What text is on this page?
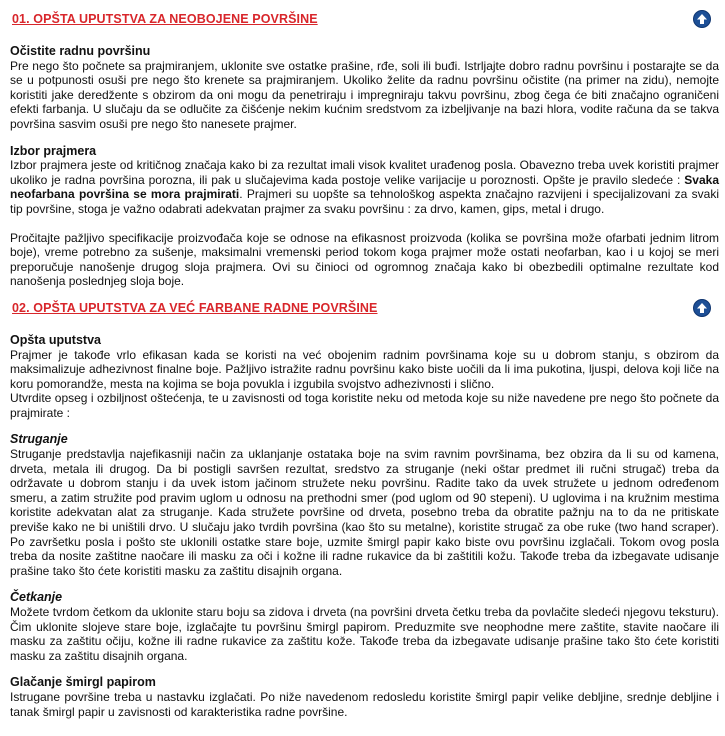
01. OPŠTA UPUTSTVA ZA NEOBOJENE POVRŠINE
Očistite radnu površinu

Pre nego što počnete sa prajmiranjem, uklonite sve ostatke prašine, rđe, soli ili buđi. Istrljajte dobro radnu površinu i postarajte se da se u potpunosti osuši pre nego što krenete sa prajmiranjem. Ukoliko želite da radnu površinu očistite (na primer na zidu), nemojte koristiti jake deredžente s obzirom da oni mogu da penetriraju i impregniraju takvu površinu, zbog čega će biti značajno ograničeni efekti farbanja. U slučaju da se odlučite za čišćenje nekim kućnim sredstvom za izbeljivanje na bazi hlora, vodite računa da se takva površina sasvim osuši pre nego što nanesete prajmer.

Izbor prajmera

Izbor prajmera jeste od kritičnog značaja kako bi za rezultat imali visok kvalitet urađenog posla. Obavezno treba uvek koristiti prajmer ukoliko je radna površina porozna, ili pak u slučajevima kada postoje velike varijacije u poroznosti. Opšte je pravilo sledeće : Svaka neofarbana površina se mora prajmirati. Prajmeri su uopšte sa tehnološkog aspekta značajno razvijeni i specijalizovani za svaki tip površine, stoga je važno odabrati adekvatan prajmer za svaku površinu : za drvo, kamen, gips, metal i drugo.

Pročitajte pažljivo specifikacije proizvođača koje se odnose na efikasnost proizvoda (kolika se površina može ofarbati jednim litrom boje), vreme potrebno za sušenje, maksimalni vremenski period tokom koga prajmer može ostati neofarban, kao i u kojoj se meri preporučuje nanošenje drugog sloja prajmera. Ovi su činioci od ogromnog značaja kako bi obezbedili optimalne rezultate kod nanošenja poslednjeg sloja boje.

02. OPŠTA UPUTSTVA ZA VEĆ FARBANE RADNE POVRŠINE
Opšta uputstva

Prajmer je takođe vrlo efikasan kada se koristi na već obojenim radnim površinama koje su u dobrom stanju, s obzirom da maksimalizuje adhezivnost finalne boje. Pažljivo istražite radnu površinu kako biste uočili da li ima pukotina, ljuspi, delova koji liče na koru pomorandže, mesta na kojima se boja povukla i izgubila svojstvo adhezivnosti i slično.

Utvrdite opseg i ozbiljnost oštećenja, te u zavisnosti od toga koristite neku od metoda koje su niže navedene pre nego što počnete da prajmirate :

Struganje

Struganje predstavlja najefikasniji način za uklanjanje ostataka boje na svim ravnim površinama, bez obzira da li su od kamena, drveta, metala ili drugog. Da bi postigli savršen rezultat, sredstvo za struganje (neki oštar predmet ili ručni strugač) treba da održavate u dobrom stanju i da uvek istom jačinom stružete neku površinu. Radite tako da uvek stružete u jednom određenom smeru, a zatim stružite pod pravim uglom u odnosu na prethodni smer (pod uglom od 90 stepeni). U uglovima i na kružnim mestima koristite adekvatan alat za struganje. Kada stružete površine od drveta, posebno treba da obratite pažnju na to da ne pritiskate previše kako ne bi uništili drvo. U slučaju jako tvrdih površina (kao što su metalne), koristite strugač za obe ruke (two hand scraper). Po završetku posla i pošto ste uklonili ostatke stare boje, uzmite šmirgl papir kako biste ovu površinu izglačali. Tokom ovog posla treba da nosite zaštitne naočare ili masku za oči i kožne ili radne rukavice da bi zaštitili kožu. Takođe treba da izbegavate udisanje prašine tako što ćete koristiti masku za zaštitu disajnih organa.

Četkanje

Možete tvrdom četkom da uklonite staru boju sa zidova i drveta (na površini drveta četku treba da povlačite sledeći njegovu teksturu). Čim uklonite slojeve stare boje, izglačajte tu površinu šmirgl papirom. Preduzmite sve neophodne mere zaštite, stavite naočare ili masku za zaštitu očiju, kožne ili radne rukavice za zaštitu kože. Takođe treba da izbegavate udisanje prašine tako što ćete koristiti masku za zaštitu disajnih organa.

Glačanje šmirgl papirom

Istrugane površine treba u nastavku izglačati. Po niže navedenom redosledu koristite šmirgl papir velike debljine, srednje debljine i tanak šmirgl papir u zavisnosti od karakteristika radne površine.
